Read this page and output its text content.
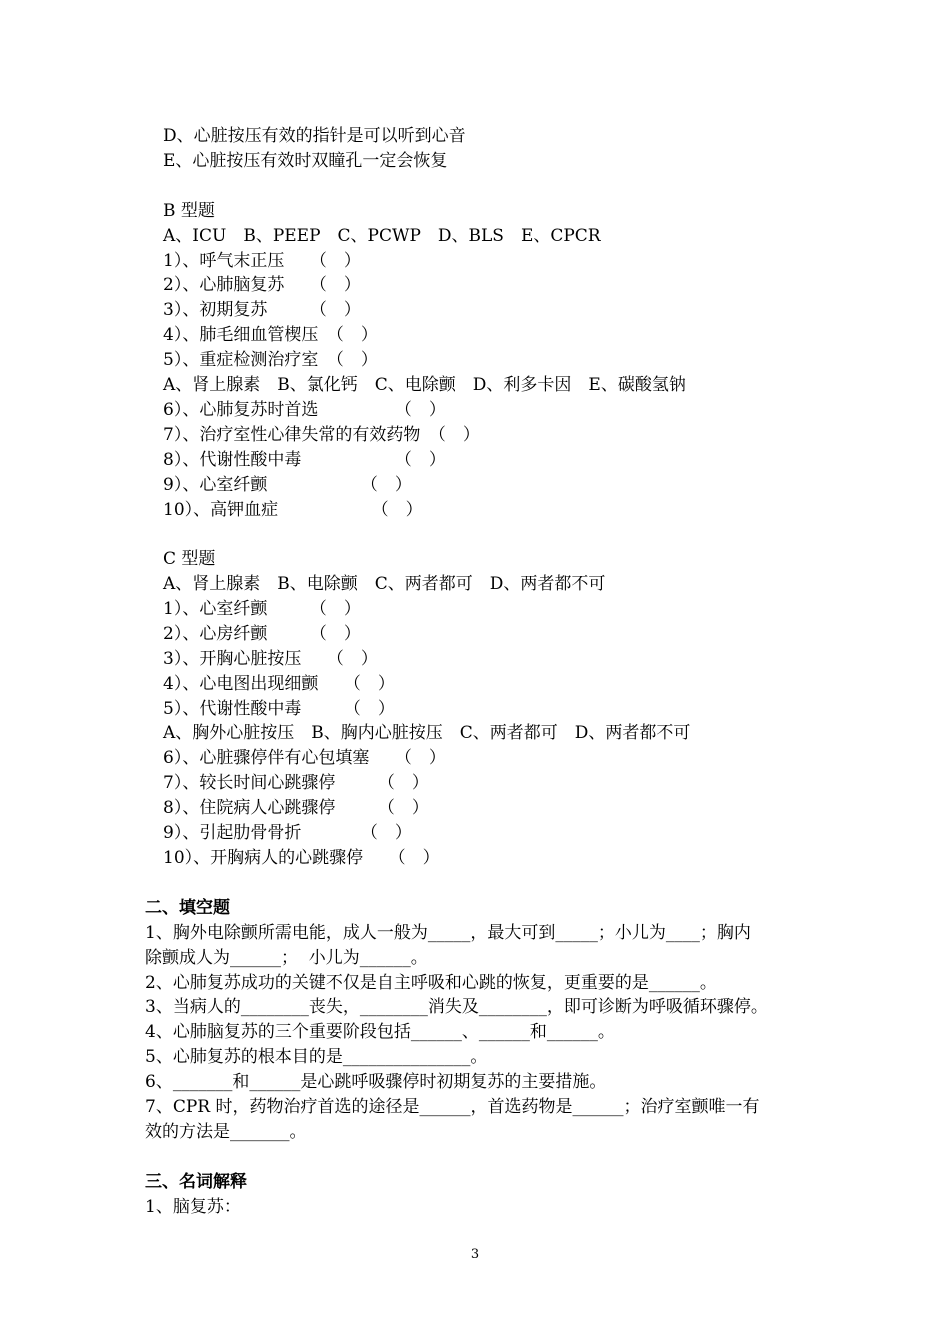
D、心脏按压有效的指针是可以听到心音
E、心脏按压有效时双瞳孔一定会恢复
B 型题
A、ICU　B、PEEP　C、PCWP　D、BLS　E、CPCR
1）、呼气末正压　　（　）
2）、心肺脑复苏　　（　）
3）、初期复苏　　　（　）
4）、肺毛细血管楔压　（　）
5）、重症检测治疗室　（　）
A、肾上腺素　B、氯化钙　C、电除颤　D、利多卡因　E、碳酸氢钠
6）、心肺复苏时首选　　　　　（　）
7）、治疗室性心律失常的有效药物　（　）
8）、代谢性酸中毒　　　　　　（　）
9）、心室纤颤　　　　　　（　）
10）、高钾血症　　　　　　（　）
C 型题
A、肾上腺素　B、电除颤　C、两者都可　D、两者都不可
1）、心室纤颤　　　（　）
2）、心房纤颤　　　（　）
3）、开胸心脏按压　　（　）
4）、心电图出现细颤　　（　）
5）、代谢性酸中毒　　　（　）
A、胸外心脏按压　B、胸内心脏按压　C、两者都可　D、两者都不可
6）、心脏骤停伴有心包填塞　　（　）
7）、较长时间心跳骤停　　　（　）
8）、住院病人心跳骤停　　　（　）
9）、引起肋骨骨折　　　　（　）
10）、开胸病人的心跳骤停　　（　）
二、填空题
1、胸外电除颤所需电能，成人一般为_____，最大可到_____；小儿为____；胸内
除颤成人为______；  小儿为______。
2、心肺复苏成功的关键不仅是自主呼吸和心跳的恢复，更重要的是______。
3、当病人的________丧失，________消失及________，即可诊断为呼吸循环骤停。
4、心肺脑复苏的三个重要阶段包括______、______和______。
5、心肺复苏的根本目的是_______________。
6、_______和______是心跳呼吸骤停时初期复苏的主要措施。
7、CPR 时，药物治疗首选的途径是______，首选药物是______；治疗室颤唯一有
效的方法是_______。
三、名词解释
1、脑复苏：
3
